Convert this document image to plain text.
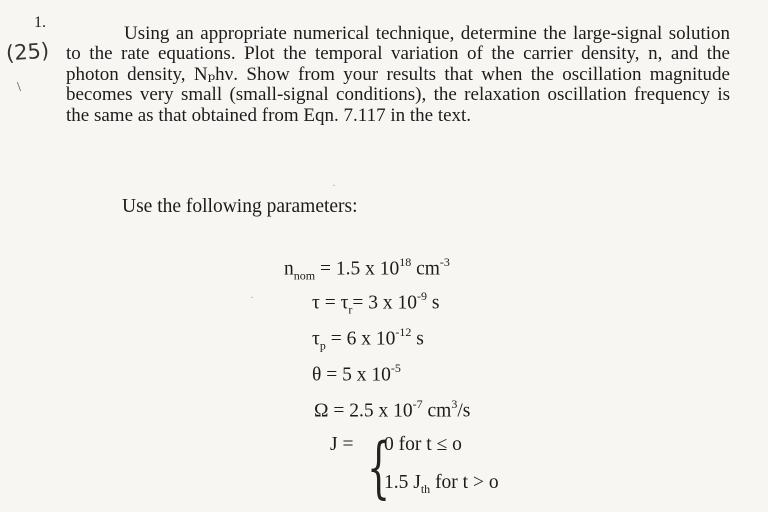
1.
(25)
\
Using an appropriate numerical technique, determine the large-signal solution to the rate equations. Plot the temporal variation of the carrier density, n, and the photon density, Nₚhν. Show from your results that when the oscillation magnitude becomes very small (small-signal conditions), the relaxation oscillation frequency is the same as that obtained from Eqn. 7.117 in the text.
Use the following parameters:
$n_{nom} = 1.5$ x $10^{18}$ $cm^{-3}$
$\tau = \tau_r= 3$ x $10^{-9}$ s
$\tau_p = 6$ x $10^{-12}$ s
θ = 5 x $10^{-5}$
Ω = 2.5 x $10^{-7}$ $cm^3/s$
J = {
0 for t ≤ o
1.5 $J_{th}$ for t > o
·
·
